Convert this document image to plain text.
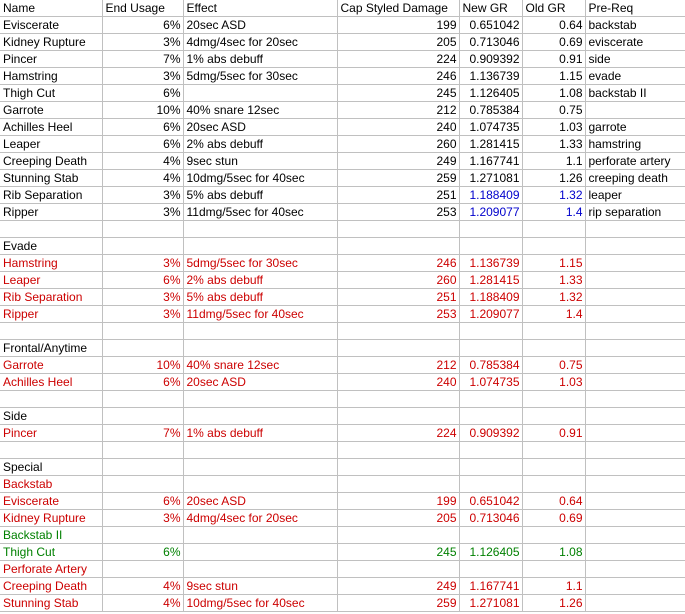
Name	End Usage	Effect	Cap Styled Damage	New GR	Old GR	Pre-Req
Eviscerate	6%	20sec ASD	199	0.651042	0.64	backstab
Kidney Rupture	3%	4dmg/4sec for 20sec	205	0.713046	0.69	eviscerate
Pincer	7%	1% abs debuff	224	0.909392	0.91	side
Hamstring	3%	5dmg/5sec for 30sec	246	1.136739	1.15	evade
Thigh Cut	6%		245	1.126405	1.08	backstab II
Garrote	10%	40% snare 12sec	212	0.785384	0.75	
Achilles Heel	6%	20sec ASD	240	1.074735	1.03	garrote
Leaper	6%	2% abs debuff	260	1.281415	1.33	hamstring
Creeping Death	4%	9sec stun	249	1.167741	1.1	perforate artery
Stunning Stab	4%	10dmg/5sec for 40sec	259	1.271081	1.26	creeping death
Rib Separation	3%	5% abs debuff	251	1.188409	1.32	leaper
Ripper	3%	11dmg/5sec for 40sec	253	1.209077	1.4	rip separation

Evade						
Hamstring	3%	5dmg/5sec for 30sec	246	1.136739	1.15	
Leaper	6%	2% abs debuff	260	1.281415	1.33	
Rib Separation	3%	5% abs debuff	251	1.188409	1.32	
Ripper	3%	11dmg/5sec for 40sec	253	1.209077	1.4	

Frontal/Anytime						
Garrote	10%	40% snare 12sec	212	0.785384	0.75	
Achilles Heel	6%	20sec ASD	240	1.074735	1.03	

Side						
Pincer	7%	1% abs debuff	224	0.909392	0.91	

Special						
Backstab						
Eviscerate	6%	20sec ASD	199	0.651042	0.64	
Kidney Rupture	3%	4dmg/4sec for 20sec	205	0.713046	0.69	
Backstab II						
Thigh Cut	6%		245	1.126405	1.08	
Perforate Artery						
Creeping Death	4%	9sec stun	249	1.167741	1.1	
Stunning Stab	4%	10dmg/5sec for 40sec	259	1.271081	1.26	
